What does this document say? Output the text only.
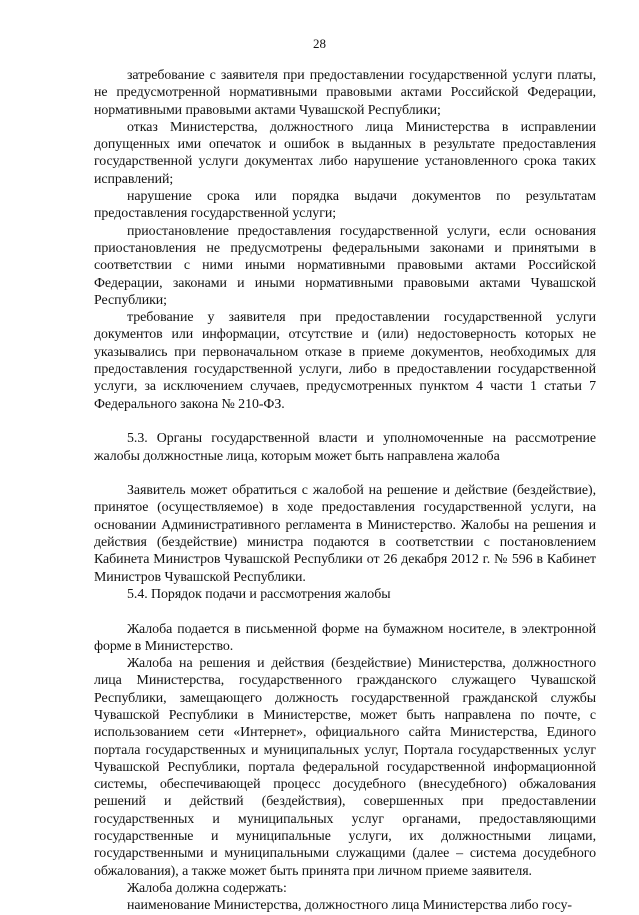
28

затребование с заявителя при предоставлении государственной услуги платы, не предусмотренной нормативными правовыми актами Российской Федерации, нормативными правовыми актами Чувашской Республики;

отказ Министерства, должностного лица Министерства в исправлении допущенных ими опечаток и ошибок в выданных в результате предоставления государственной услуги документах либо нарушение установленного срока таких исправлений;

нарушение срока или порядка выдачи документов по результатам предоставления государственной услуги;

приостановление предоставления государственной услуги, если основания приостановления не предусмотрены федеральными законами и принятыми в соответствии с ними иными нормативными правовыми актами Российской Федерации, законами и иными нормативными правовыми актами Чувашской Республики;

требование у заявителя при предоставлении государственной услуги документов или информации, отсутствие и (или) недостоверность которых не указывались при первоначальном отказе в приеме документов, необходимых для предоставления государственной услуги, либо в предоставлении государственной услуги, за исключением случаев, предусмотренных пунктом 4 части 1 статьи 7 Федерального закона № 210-ФЗ.

5.3. Органы государственной власти и уполномоченные на рассмотрение жалобы должностные лица, которым может быть направлена жалоба

Заявитель может обратиться с жалобой на решение и действие (бездействие), принятое (осуществляемое) в ходе предоставления государственной услуги, на основании Административного регламента в Министерство. Жалобы на решения и действия (бездействие) министра подаются в соответствии с постановлением Кабинета Министров Чувашской Республики от 26 декабря 2012 г. № 596 в Кабинет Министров Чувашской Республики.

5.4. Порядок подачи и рассмотрения жалобы

Жалоба подается в письменной форме на бумажном носителе, в электронной форме в Министерство.

Жалоба на решения и действия (бездействие) Министерства, должностного лица Министерства, государственного гражданского служащего Чувашской Республики, замещающего должность государственной гражданской службы Чувашской Республики в Министерстве, может быть направлена по почте, с использованием сети «Интернет», официального сайта Министерства, Единого портала государственных и муниципальных услуг, Портала государственных услуг Чувашской Республики, портала федеральной государственной информационной системы, обеспечивающей процесс досудебного (внесудебного) обжалования решений и действий (бездействия), совершенных при предоставлении государственных и муниципальных услуг органами, предоставляющими государственные и муниципальные услуги, их должностными лицами, государственными и муниципальными служащими (далее – система досудебного обжалования), а также может быть принята при личном приеме заявителя.

Жалоба должна содержать:

наименование Министерства, должностного лица Министерства либо госу-
